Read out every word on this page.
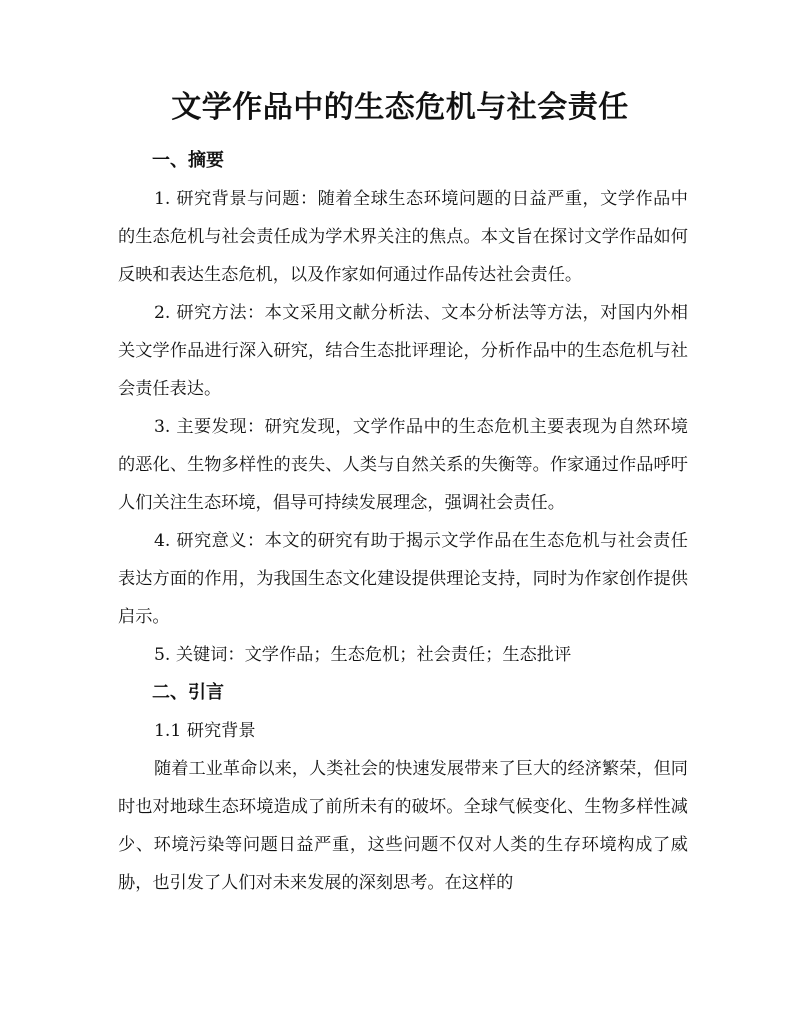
文学作品中的生态危机与社会责任

一、摘要

1. 研究背景与问题：随着全球生态环境问题的日益严重，文学作品中的生态危机与社会责任成为学术界关注的焦点。本文旨在探讨文学作品如何反映和表达生态危机，以及作家如何通过作品传达社会责任。

2. 研究方法：本文采用文献分析法、文本分析法等方法，对国内外相关文学作品进行深入研究，结合生态批评理论，分析作品中的生态危机与社会责任表达。

3. 主要发现：研究发现，文学作品中的生态危机主要表现为自然环境的恶化、生物多样性的丧失、人类与自然关系的失衡等。作家通过作品呼吁人们关注生态环境，倡导可持续发展理念，强调社会责任。

4. 研究意义：本文的研究有助于揭示文学作品在生态危机与社会责任表达方面的作用，为我国生态文化建设提供理论支持，同时为作家创作提供启示。

5. 关键词：文学作品；生态危机；社会责任；生态批评

二、引言

1.1 研究背景

随着工业革命以来，人类社会的快速发展带来了巨大的经济繁荣，但同时也对地球生态环境造成了前所未有的破坏。全球气候变化、生物多样性减少、环境污染等问题日益严重，这些问题不仅对人类的生存环境构成了威胁，也引发了人们对未来发展的深刻思考。在这样的
